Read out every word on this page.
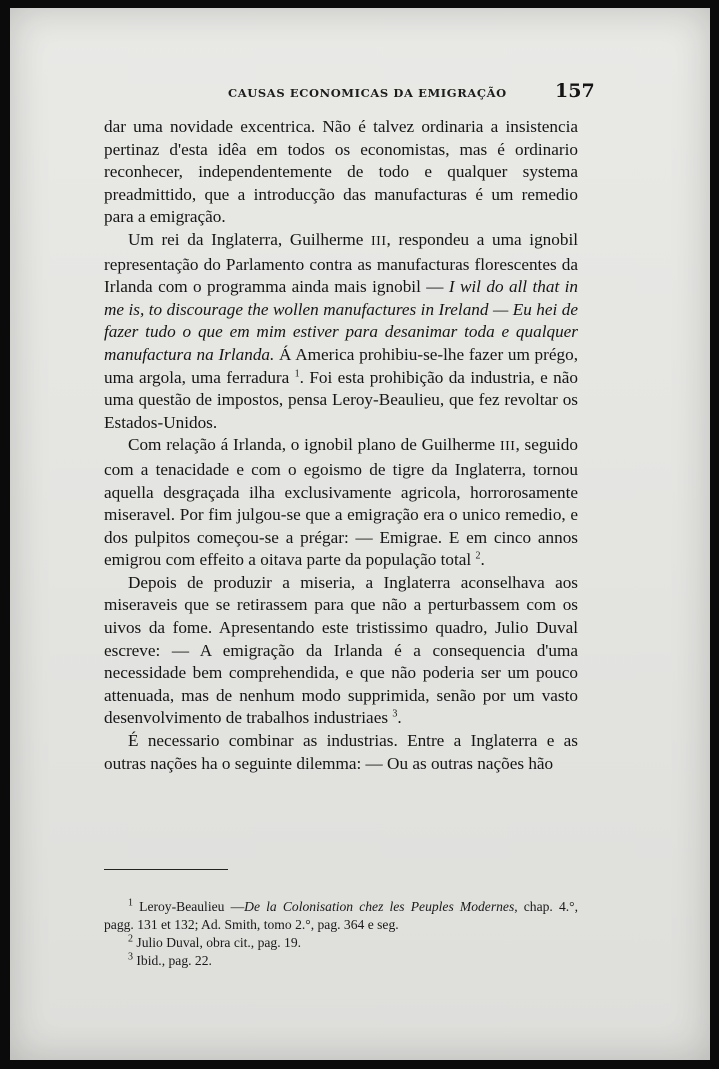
CAUSAS ECONOMICAS DA EMIGRAÇÃO	157

dar uma novidade excentrica. Não é talvez ordinaria a insistencia pertinaz d'esta idêa em todos os economistas, mas é ordinario reconhecer, independentemente de todo e qualquer systema preadmittido, que a introducção das manufacturas é um remedio para a emigração.

Um rei da Inglaterra, Guilherme III, respondeu a uma ignobil representação do Parlamento contra as manufacturas florescentes da Irlanda com o programma ainda mais ignobil — I wil do all that in me is, to discourage the wollen manufactures in Ireland — Eu hei de fazer tudo o que em mim estiver para desanimar toda e qualquer manufactura na Irlanda. Á America prohibiu-se-lhe fazer um prégo, uma argola, uma ferradura $^1$. Foi esta prohibição da industria, e não uma questão de impostos, pensa Leroy-Beaulieu, que fez revoltar os Estados-Unidos.

Com relação á Irlanda, o ignobil plano de Guilherme III, seguido com a tenacidade e com o egoismo de tigre da Inglaterra, tornou aquella desgraçada ilha exclusivamente agricola, horrorosamente miseravel. Por fim julgou-se que a emigração era o unico remedio, e dos pulpitos começou-se a prégar: — Emigrae. E em cinco annos emigrou com effeito a oitava parte da população total $^2$.

Depois de produzir a miseria, a Inglaterra aconselhava aos miseraveis que se retirassem para que não a perturbassem com os uivos da fome. Apresentando este tristissimo quadro, Julio Duval escreve: — A emigração da Irlanda é a consequencia d'uma necessidade bem comprehendida, e que não poderia ser um pouco attenuada, mas de nenhum modo supprimida, senão por um vasto desenvolvimento de trabalhos industriaes $^3$.

É necessario combinar as industrias. Entre a Inglaterra e as outras nações ha o seguinte dilemma: — Ou as outras nações hão

$^1$ Leroy-Beaulieu —De la Colonisation chez les Peuples Modernes, chap. 4.°, pagg. 131 et 132; Ad. Smith, tomo 2.°, pag. 364 e seg.
$^2$ Julio Duval, obra cit., pag. 19.
$^3$ Ibid., pag. 22.
